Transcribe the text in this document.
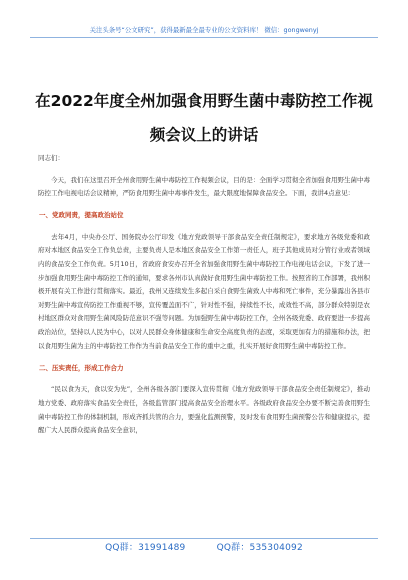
关注头条号“公文研究”，获得最新最全最专业的公文资料库！ 微信：gongwenyj
在2022年度全州加强食用野生菌中毒防控工作视频会议上的讲话

同志们：

今天，我们在这里召开全州食用野生菌中毒防控工作视频会议，目的是：全面学习贯彻全省加强食用野生菌中毒防控工作电视电话会议精神，严防食用野生菌中毒事件发生，最大限度地保障食品安全。下面，我讲4点意见：

一、党政同责，提高政治站位

去年4月，中央办公厅、国务院办公厅印发《地方党政领导干部食品安全责任制规定》，要求地方各级党委和政府对本地区食品安全工作负总责，主要负责人是本地区食品安全工作第一责任人，班子其他成员对分管行业或者领域内的食品安全工作负责。5月10日，省政府食安办召开全省加强食用野生菌中毒防控工作电视电话会议，下发了进一步加强食用野生菌中毒防控工作的通知，要求各州市认真做好食用野生菌中毒防控工作。按照省的工作部署，我州积极开展有关工作进行贯彻落实。最近，我州又连续发生多起自采自食野生菌致人中毒和死亡事件，充分暴露出各县市对野生菌中毒宣传防控工作重视不够，宣传覆盖面不广，针对性不强，持续性不长，成效性不高，部分群众特别是农村地区群众对食用野生菌风险防范意识不强等问题。为加强野生菌中毒防控工作，全州各级党委、政府要进一步提高政治站位，坚持以人民为中心，以对人民群众身体健康和生命安全高度负责的态度，采取更加有力的措施和办法，把以食用野生菌为主的中毒防控工作作为当前食品安全工作的重中之重，扎实开展好食用野生菌中毒防控工作。

二、压实责任，形成工作合力

“民以食为天，食以安为先”，全州各级各部门要深入宣传贯彻《地方党政领导干部食品安全责任制规定》，推动地方党委、政府落实食品安全责任，各级监管部门提高食品安全治理水平。各级政府食品安全办要不断完善食用野生菌中毒防控工作的体制机制，形成齐抓共管的合力，要强化监测预警，及时发布食用野生菌预警公告和健康提示，提醒广大人民群众提高食品安全意识，

QQ群：31991489	QQ群：535304092
